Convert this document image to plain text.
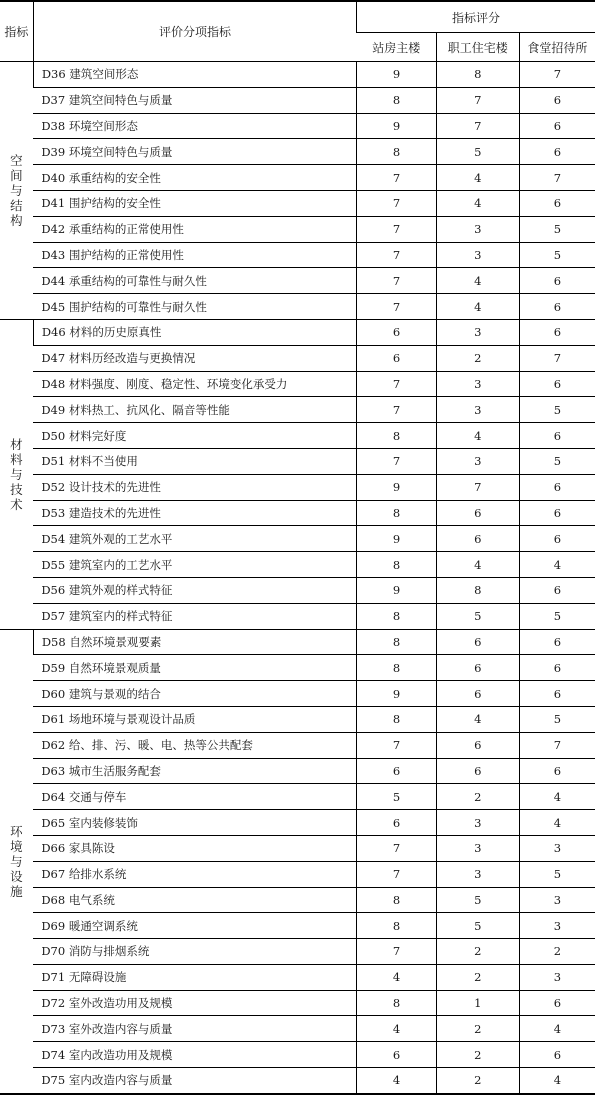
指标	评价分项指标	指标评分		
		站房主楼	职工住宅楼	食堂招待所
空间与结构	D36 建筑空间形态	9	8	7
	D37 建筑空间特色与质量	8	7	6
	D38 环境空间形态	9	7	6
	D39 环境空间特色与质量	8	5	6
	D40 承重结构的安全性	7	4	7
	D41 围护结构的安全性	7	4	6
	D42 承重结构的正常使用性	7	3	5
	D43 围护结构的正常使用性	7	3	5
	D44 承重结构的可靠性与耐久性	7	4	6
	D45 围护结构的可靠性与耐久性	7	4	6
材料与技术	D46 材料的历史原真性	6	3	6
	D47 材料历经改造与更换情况	6	2	7
	D48 材料强度、刚度、稳定性、环境变化承受力	7	3	6
	D49 材料热工、抗风化、隔音等性能	7	3	5
	D50 材料完好度	8	4	6
	D51 材料不当使用	7	3	5
	D52 设计技术的先进性	9	7	6
	D53 建造技术的先进性	8	6	6
	D54 建筑外观的工艺水平	9	6	6
	D55 建筑室内的工艺水平	8	4	4
	D56 建筑外观的样式特征	9	8	6
	D57 建筑室内的样式特征	8	5	5
环境与设施	D58 自然环境景观要素	8	6	6
	D59 自然环境景观质量	8	6	6
	D60 建筑与景观的结合	9	6	6
	D61 场地环境与景观设计品质	8	4	5
	D62 给、排、污、暖、电、热等公共配套	7	6	7
	D63 城市生活服务配套	6	6	6
	D64 交通与停车	5	2	4
	D65 室内装修装饰	6	3	4
	D66 家具陈设	7	3	3
	D67 给排水系统	7	3	5
	D68 电气系统	8	5	3
	D69 暖通空调系统	8	5	3
	D70 消防与排烟系统	7	2	2
	D71 无障碍设施	4	2	3
	D72 室外改造功用及规模	8	1	6
	D73 室外改造内容与质量	4	2	4
	D74 室内改造功用及规模	6	2	6
	D75 室内改造内容与质量	4	2	4
